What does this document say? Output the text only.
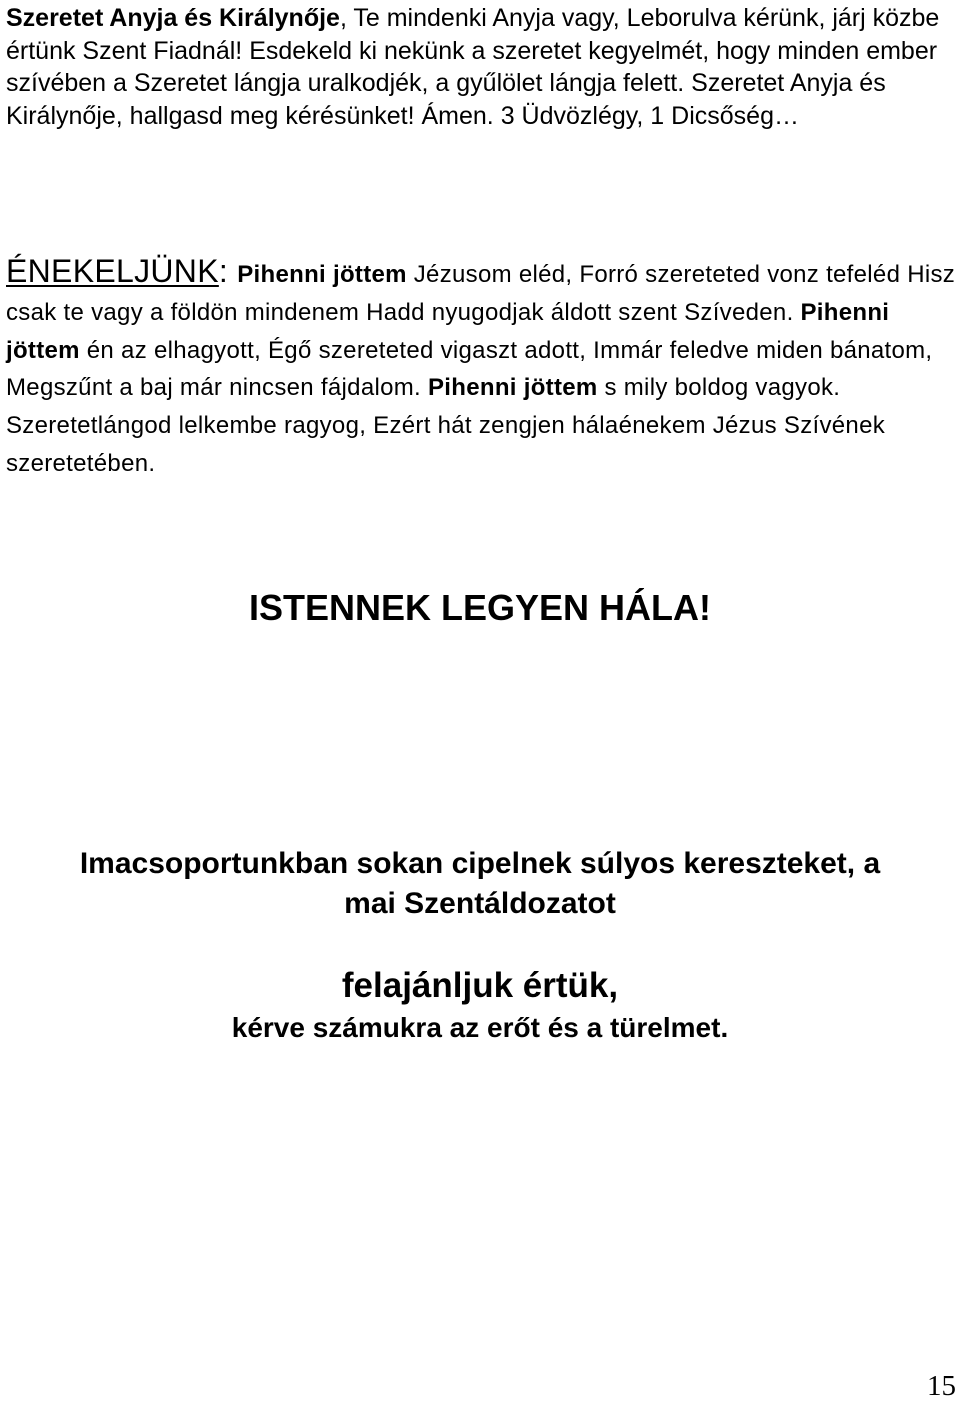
Szeretet Anyja és Királynője, Te mindenki Anyja vagy, Leborulva kérünk, járj közbe értünk Szent Fiadnál! Esdekeld ki nekünk a szeretet kegyelmét, hogy minden ember szívében a Szeretet lángja uralkodjék, a gyűlölet lángja felett. Szeretet Anyja és Királynője, hallgasd meg kérésünket! Ámen. 3 Üdvözlégy, 1 Dicsőség…
ÉNEKELJÜNK: Pihenni jöttem Jézusom eléd, Forró szereteted vonz tefeléd Hisz csak te vagy a földön mindenem Hadd nyugodjak áldott szent Szíveden. Pihenni jöttem én az elhagyott, Égő szereteted vigaszt adott, Immár feledve miden bánatom, Megszűnt a baj már nincsen fájdalom. Pihenni jöttem s mily boldog vagyok. Szeretetlángod lelkembe ragyog, Ezért hát zengjen hálaénekem Jézus Szívének szeretetében.
ISTENNEK LEGYEN HÁLA!
Imacsoportunkban sokan cipelnek súlyos kereszteket, a
mai Szentáldozatot
felajánljuk értük,
kérve számukra az erőt és a türelmet.
15
